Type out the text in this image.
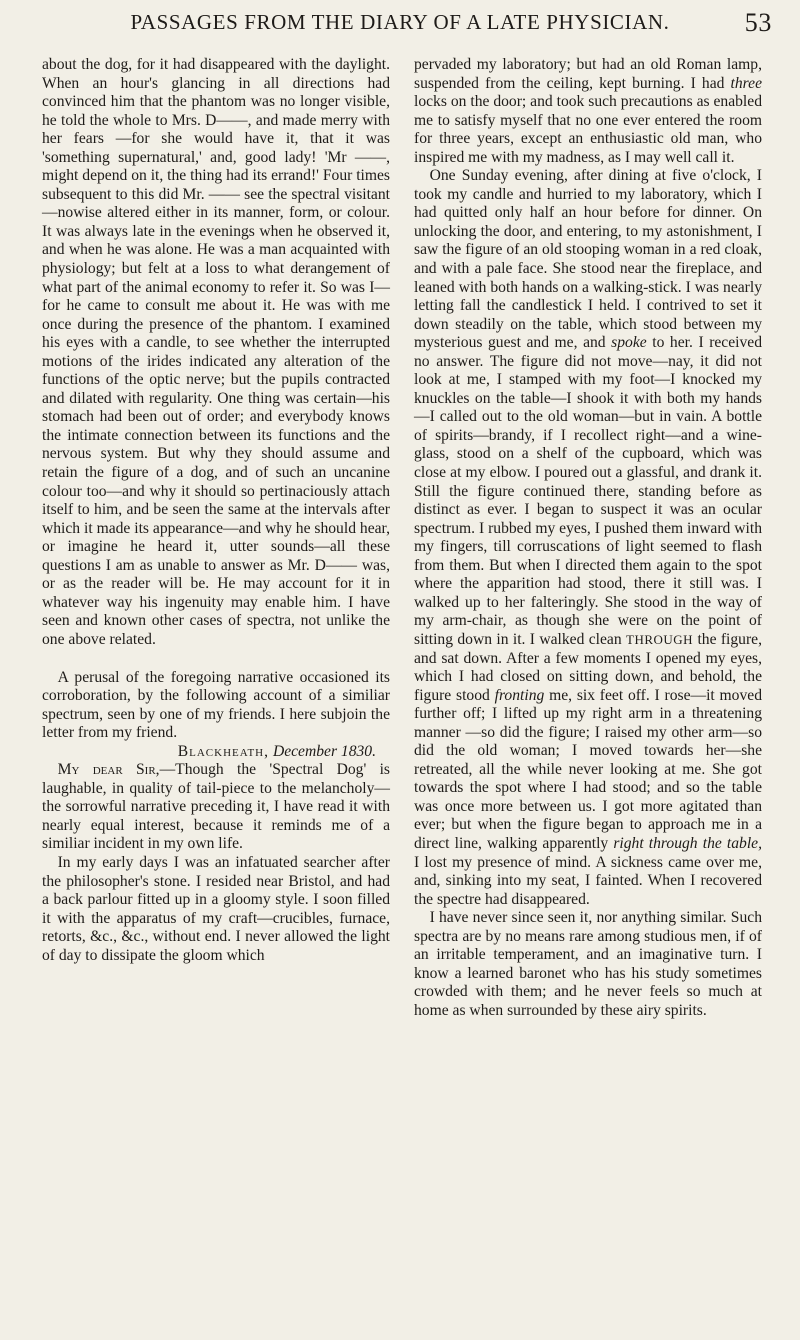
PASSAGES FROM THE DIARY OF A LATE PHYSICIAN.	53

about the dog, for it had disappeared with the daylight. When an hour's glancing in all directions had convinced him that the phantom was no longer visible, he told the whole to Mrs. D——, and made merry with her fears —for she would have it, that it was 'something supernatural,' and, good lady! 'Mr ——, might depend on it, the thing had its errand!' Four times subsequent to this did Mr. —— see the spectral visitant—nowise altered either in its manner, form, or colour. It was always late in the evenings when he observed it, and when he was alone. He was a man acquainted with physiology; but felt at a loss to what derangement of what part of the animal economy to refer it. So was I—for he came to consult me about it. He was with me once during the presence of the phantom. I examined his eyes with a candle, to see whether the interrupted motions of the irides indicated any alteration of the functions of the optic nerve; but the pupils contracted and dilated with regularity. One thing was certain—his stomach had been out of order; and everybody knows the intimate connection between its functions and the nervous system. But why they should assume and retain the figure of a dog, and of such an uncanine colour too—and why it should so pertinaciously attach itself to him, and be seen the same at the intervals after which it made its appearance—and why he should hear, or imagine he heard it, utter sounds—all these questions I am as unable to answer as Mr. D—— was, or as the reader will be. He may account for it in whatever way his ingenuity may enable him. I have seen and known other cases of spectra, not unlike the one above related.

A perusal of the foregoing narrative occasioned its corroboration, by the following account of a similiar spectrum, seen by one of my friends. I here subjoin the letter from my friend.

Blackheath, December 1830.

My dear Sir,—Though the 'Spectral Dog' is laughable, in quality of tail-piece to the melancholy—the sorrowful narrative preceding it, I have read it with nearly equal interest, because it reminds me of a similiar incident in my own life.

In my early days I was an infatuated searcher after the philosopher's stone. I resided near Bristol, and had a back parlour fitted up in a gloomy style. I soon filled it with the apparatus of my craft—crucibles, furnace, retorts, &c., &c., without end. I never allowed the light of day to dissipate the gloom which

pervaded my laboratory; but had an old Roman lamp, suspended from the ceiling, kept burning. I had three locks on the door; and took such precautions as enabled me to satisfy myself that no one ever entered the room for three years, except an enthusiastic old man, who inspired me with my madness, as I may well call it.

One Sunday evening, after dining at five o'clock, I took my candle and hurried to my laboratory, which I had quitted only half an hour before for dinner. On unlocking the door, and entering, to my astonishment, I saw the figure of an old stooping woman in a red cloak, and with a pale face. She stood near the fireplace, and leaned with both hands on a walking-stick. I was nearly letting fall the candlestick I held. I contrived to set it down steadily on the table, which stood between my mysterious guest and me, and spoke to her. I received no answer. The figure did not move—nay, it did not look at me, I stamped with my foot—I knocked my knuckles on the table—I shook it with both my hands—I called out to the old woman—but in vain. A bottle of spirits—brandy, if I recollect right—and a wine-glass, stood on a shelf of the cupboard, which was close at my elbow. I poured out a glassful, and drank it. Still the figure continued there, standing before as distinct as ever. I began to suspect it was an ocular spectrum. I rubbed my eyes, I pushed them inward with my fingers, till corruscations of light seemed to flash from them. But when I directed them again to the spot where the apparition had stood, there it still was. I walked up to her falteringly. She stood in the way of my arm-chair, as though she were on the point of sitting down in it. I walked clean THROUGH the figure, and sat down. After a few moments I opened my eyes, which I had closed on sitting down, and behold, the figure stood fronting me, six feet off. I rose—it moved further off; I lifted up my right arm in a threatening manner —so did the figure; I raised my other arm—so did the old woman; I moved towards her—she retreated, all the while never looking at me. She got towards the spot where I had stood; and so the table was once more between us. I got more agitated than ever; but when the figure began to approach me in a direct line, walking apparently right through the table, I lost my presence of mind. A sickness came over me, and, sinking into my seat, I fainted. When I recovered the spectre had disappeared.

I have never since seen it, nor anything similar. Such spectra are by no means rare among studious men, if of an irritable temperament, and an imaginative turn. I know a learned baronet who has his study sometimes crowded with them; and he never feels so much at home as when surrounded by these airy spirits.
